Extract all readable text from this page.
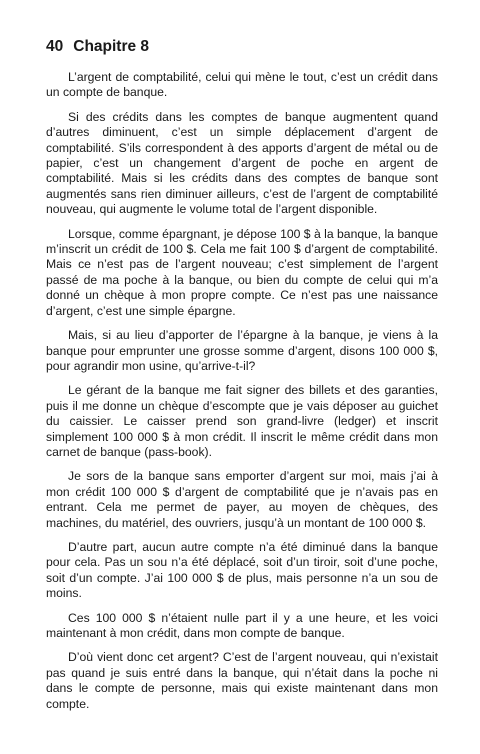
40 Chapitre 8

L’argent de comptabilité, celui qui mène le tout, c’est un crédit dans un compte de banque.

Si des crédits dans les comptes de banque augmentent quand d’autres diminuent, c’est un simple déplacement d’argent de comptabilité. S’ils correspondent à des apports d’argent de métal ou de papier, c’est un changement d’argent de poche en argent de comptabilité. Mais si les crédits dans des comptes de banque sont augmentés sans rien diminuer ailleurs, c’est de l’argent de comptabilité nouveau, qui augmente le volume total de l’argent disponible.

Lorsque, comme épargnant, je dépose 100 $ à la banque, la banque m’inscrit un crédit de 100 $. Cela me fait 100 $ d’argent de comptabilité. Mais ce n’est pas de l’argent nouveau; c’est simplement de l’argent passé de ma poche à la banque, ou bien du compte de celui qui m’a donné un chèque à mon propre compte. Ce n’est pas une naissance d’argent, c’est une simple épargne.

Mais, si au lieu d’apporter de l’épargne à la banque, je viens à la banque pour emprunter une grosse somme d’argent, disons 100 000 $, pour agrandir mon usine, qu’arrive-t-il?

Le gérant de la banque me fait signer des billets et des garanties, puis il me donne un chèque d’escompte que je vais déposer au guichet du caissier. Le caisser prend son grand-livre (ledger) et inscrit simplement 100 000 $ à mon crédit. Il inscrit le même crédit dans mon carnet de banque (pass-book).

Je sors de la banque sans emporter d’argent sur moi, mais j’ai à mon crédit 100 000 $ d’argent de comptabilité que je n’avais pas en entrant. Cela me permet de payer, au moyen de chèques, des machines, du matériel, des ouvriers, jusqu’à un montant de 100 000 $.

D’autre part, aucun autre compte n’a été diminué dans la banque pour cela. Pas un sou n’a été déplacé, soit d’un tiroir, soit d’une poche, soit d’un compte. J’ai 100 000 $ de plus, mais personne n’a un sou de moins.

Ces 100 000 $ n’étaient nulle part il y a une heure, et les voici maintenant à mon crédit, dans mon compte de banque.

D’où vient donc cet argent? C’est de l’argent nouveau, qui n’existait pas quand je suis entré dans la banque, qui n’était dans la poche ni dans le compte de personne, mais qui existe maintenant dans mon compte.
